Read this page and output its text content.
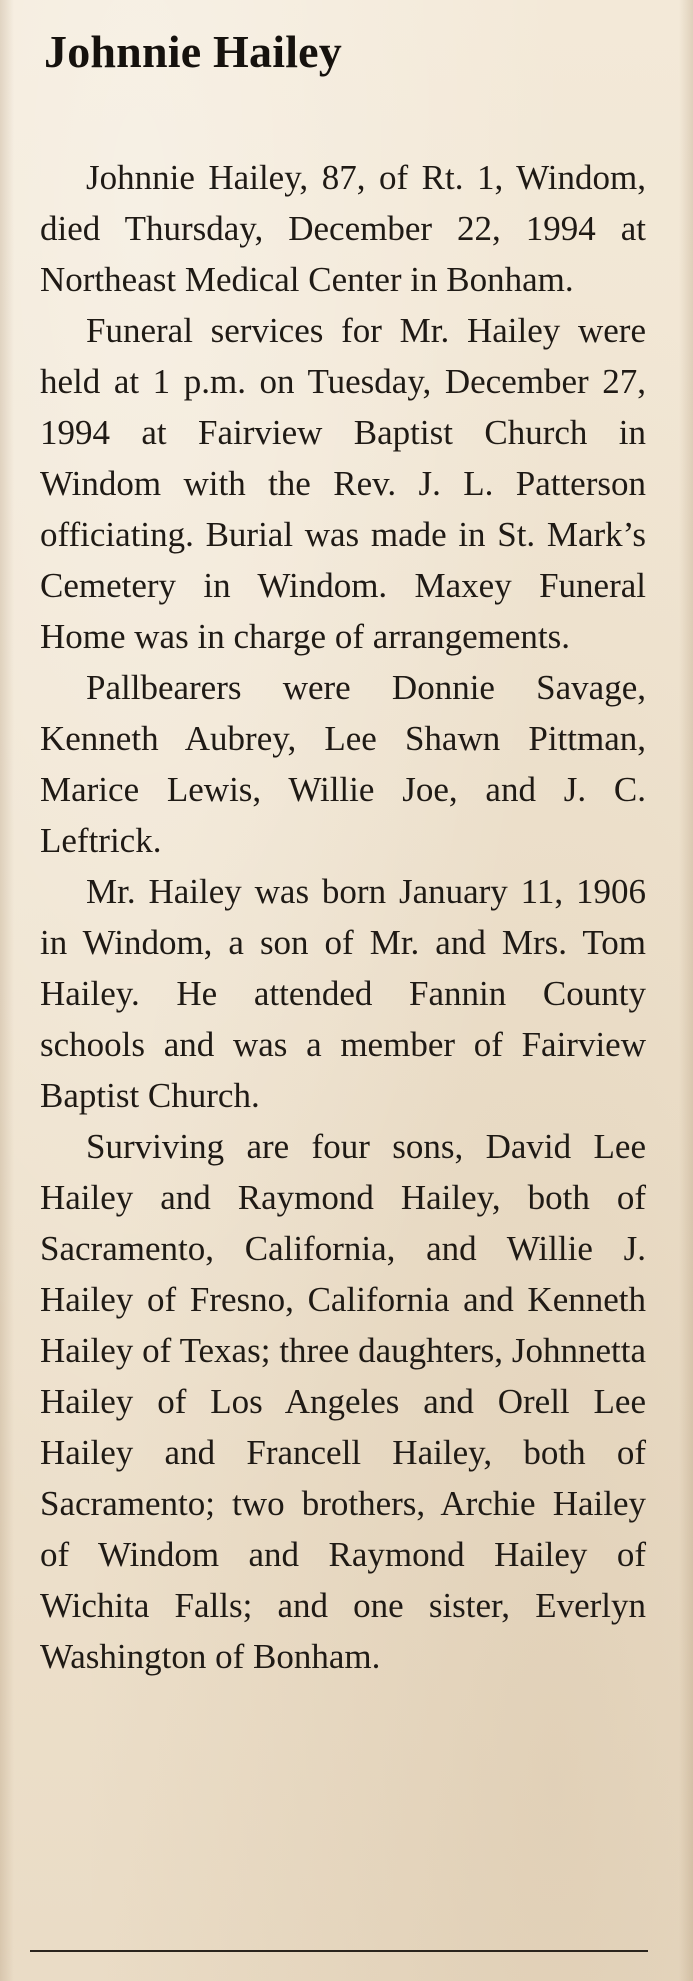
Johnnie Hailey

Johnnie Hailey, 87, of Rt. 1, Windom, died Thursday, December 22, 1994 at Northeast Medical Center in Bonham.

Funeral services for Mr. Hailey were held at 1 p.m. on Tuesday, December 27, 1994 at Fairview Baptist Church in Windom with the Rev. J. L. Patterson officiating. Burial was made in St. Mark’s Cemetery in Windom. Maxey Funeral Home was in charge of arrangements.

Pallbearers were Donnie Savage, Kenneth Aubrey, Lee Shawn Pittman, Marice Lewis, Willie Joe, and J. C. Leftrick.

Mr. Hailey was born January 11, 1906 in Windom, a son of Mr. and Mrs. Tom Hailey. He attended Fannin County schools and was a member of Fairview Baptist Church.

Surviving are four sons, David Lee Hailey and Raymond Hailey, both of Sacramento, California, and Willie J. Hailey of Fresno, California and Kenneth Hailey of Texas; three daughters, Johnnetta Hailey of Los Angeles and Orell Lee Hailey and Francell Hailey, both of Sacramento; two brothers, Archie Hailey of Windom and Raymond Hailey of Wichita Falls; and one sister, Everlyn Washington of Bonham.
